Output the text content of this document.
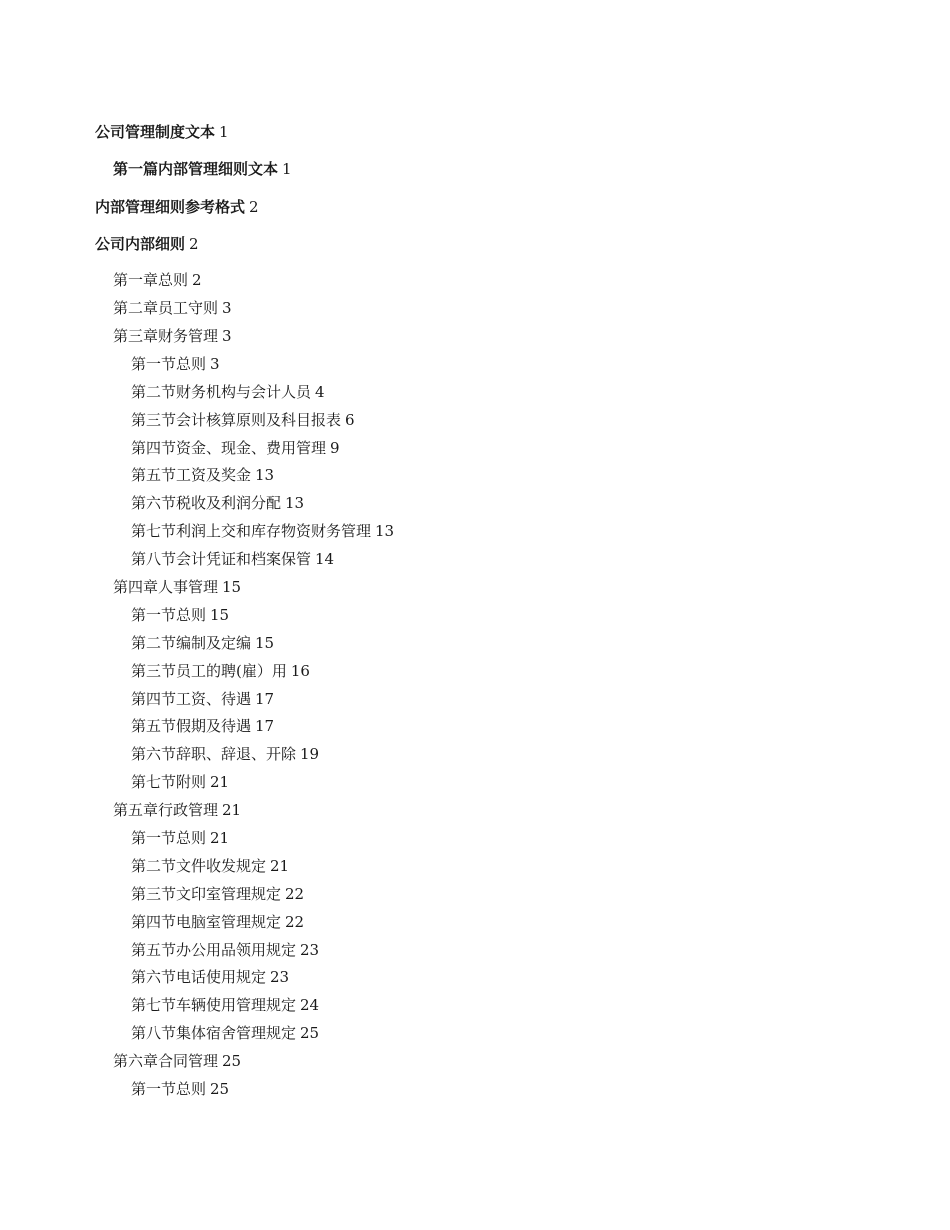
公司管理制度文本 1
第一篇内部管理细则文本 1
内部管理细则参考格式 2
公司内部细则 2
第一章总则 2
第二章员工守则 3
第三章财务管理 3
第一节总则 3
第二节财务机构与会计人员 4
第三节会计核算原则及科目报表 6
第四节资金、现金、费用管理 9
第五节工资及奖金 13
第六节税收及利润分配 13
第七节利润上交和库存物资财务管理 13
第八节会计凭证和档案保管 14
第四章人事管理 15
第一节总则 15
第二节编制及定编 15
第三节员工的聘(雇）用 16
第四节工资、待遇 17
第五节假期及待遇 17
第六节辞职、辞退、开除 19
第七节附则 21
第五章行政管理 21
第一节总则 21
第二节文件收发规定 21
第三节文印室管理规定 22
第四节电脑室管理规定 22
第五节办公用品领用规定 23
第六节电话使用规定 23
第七节车辆使用管理规定 24
第八节集体宿舍管理规定 25
第六章合同管理 25
第一节总则 25
